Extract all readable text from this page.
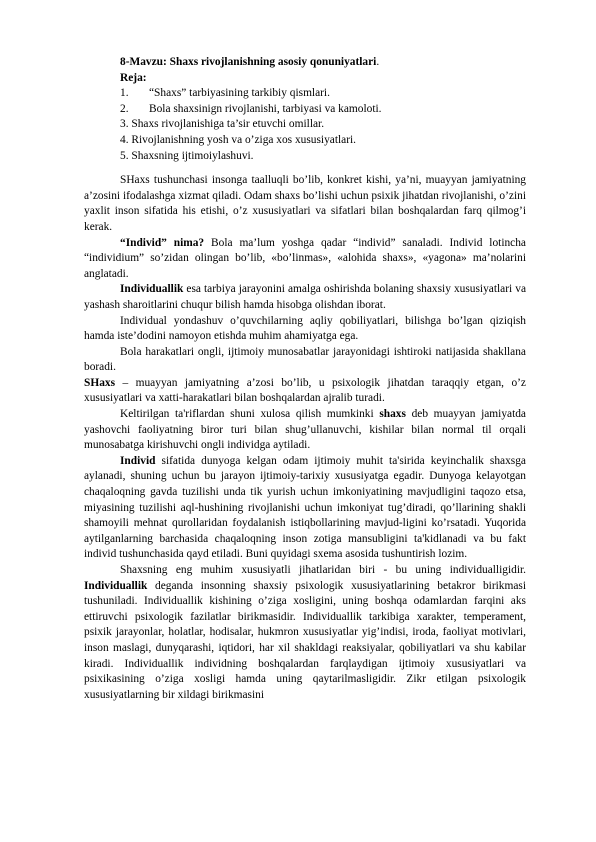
8-Mavzu: Shaxs rivojlanishning asosiy qonuniyatlari.
Reja:
1. “Shaxs” tarbiyasining tarkibiy qismlari.
2. Bola shaxsinign rivojlanishi, tarbiyasi va kamoloti.
3. Shaxs rivojlanishiga ta’sir etuvchi omillar.
4. Rivojlanishning yosh va o’ziga xos xususiyatlari.
5. Shaxsning ijtimoiylashuvi.

SHaxs tushunchasi insonga taalluqli bo’lib, konkret kishi, ya’ni, muayyan jamiyatning a’zosini ifodalashga xizmat qiladi. Odam shaxs bo’lishi uchun psixik jihatdan rivojlanishi, o’zini yaxlit inson sifatida his etishi, o’z xususiyatlari va sifatlari bilan boshqalardan farq qilmog’i kerak.

“Individ” nima? Bola ma’lum yoshga qadar “individ” sanaladi. Individ lotincha “individium” so’zidan olingan bo’lib, «bo’linmas», «alohida shaxs», «yagona» ma’nolarini anglatadi.

Individuallik esa tarbiya jarayonini amalga oshirishda bolaning shaxsiy xususiyatlari va yashash sharoitlarini chuqur bilish hamda hisobga olishdan iborat.

Individual yondashuv o’quvchilarning aqliy qobiliyatlari, bilishga bo’lgan qiziqish hamda iste’dodini namoyon etishda muhim ahamiyatga ega.

Bola harakatlari ongli, ijtimoiy munosabatlar jarayonidagi ishtiroki natijasida shakllana boradi.

SHaxs – muayyan jamiyatning a’zosi bo’lib, u psixologik jihatdan taraqqiy etgan, o’z xususiyatlari va xatti-harakatlari bilan boshqalardan ajralib turadi.

Keltirilgan ta'riflardan shuni xulosa qilish mumkinki shaxs deb muayyan jamiyatda yashovchi faoliyatning biror turi bilan shug’ullanuvchi, kishilar bilan normal til orqali munosabatga kirishuvchi ongli individga aytiladi.

Individ sifatida dunyoga kelgan odam ijtimoiy muhit ta'sirida keyinchalik shaxsga aylanadi, shuning uchun bu jarayon ijtimoiy-tarixiy xususiyatga egadir. Dunyoga kelayotgan chaqaloqning gavda tuzilishi unda tik yurish uchun imkoniyatining mavjudligini taqozo etsa, miyasining tuzilishi aql-hushining rivojlanishi uchun imkoniyat tug’diradi, qo’llarining shakli shamoyili mehnat qurollaridan foydalanish istiqbollarining mavjud-ligini ko’rsatadi. Yuqorida aytilganlarning barchasida chaqaloqning inson zotiga mansubligini ta'kidlanadi va bu fakt individ tushunchasida qayd etiladi. Buni quyidagi sxema asosida tushuntirish lozim.

Shaxsning eng muhim xususiyatli jihatlaridan biri - bu uning individualligidir. Individuallik deganda insonning shaxsiy psixologik xususiyatlarining betakror birikmasi tushuniladi. Individuallik kishining o’ziga xosligini, uning boshqa odamlardan farqini aks ettiruvchi psixologik fazilatlar birikmasidir. Individuallik tarkibiga xarakter, temperament, psixik jarayonlar, holatlar, hodisalar, hukmron xususiyatlar yig’indisi, iroda, faoliyat motivlari, inson maslagi, dunyqarashi, iqtidori, har xil shakldagi reaksiyalar, qobiliyatlari va shu kabilar kiradi. Individuallik individning boshqalardan farqlaydigan ijtimoiy xususiyatlari va psixikasining o’ziga xosligi hamda uning qaytarilmasligidir. Zikr etilgan psixologik xususiyatlarning bir xildagi birikmasini
